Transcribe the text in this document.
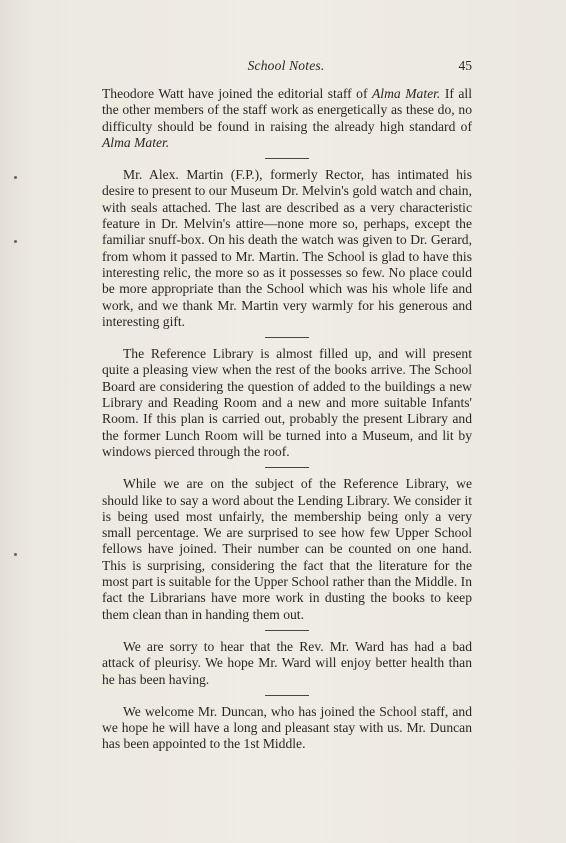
School Notes.	45

Theodore Watt have joined the editorial staff of Alma Mater. If all the other members of the staff work as energetically as these do, no difficulty should be found in raising the already high standard of Alma Mater.

Mr. Alex. Martin (F.P.), formerly Rector, has intimated his desire to present to our Museum Dr. Melvin's gold watch and chain, with seals attached. The last are described as a very characteristic feature in Dr. Melvin's attire—none more so, perhaps, except the familiar snuff-box. On his death the watch was given to Dr. Gerard, from whom it passed to Mr. Martin. The School is glad to have this interesting relic, the more so as it possesses so few. No place could be more appropriate than the School which was his whole life and work, and we thank Mr. Martin very warmly for his generous and interesting gift.

The Reference Library is almost filled up, and will present quite a pleasing view when the rest of the books arrive. The School Board are considering the question of added to the buildings a new Library and Reading Room and a new and more suitable Infants' Room. If this plan is carried out, probably the present Library and the former Lunch Room will be turned into a Museum, and lit by windows pierced through the roof.

While we are on the subject of the Reference Library, we should like to say a word about the Lending Library. We consider it is being used most unfairly, the membership being only a very small percentage. We are surprised to see how few Upper School fellows have joined. Their number can be counted on one hand. This is surprising, considering the fact that the literature for the most part is suitable for the Upper School rather than the Middle. In fact the Librarians have more work in dusting the books to keep them clean than in handing them out.

We are sorry to hear that the Rev. Mr. Ward has had a bad attack of pleurisy. We hope Mr. Ward will enjoy better health than he has been having.

We welcome Mr. Duncan, who has joined the School staff, and we hope he will have a long and pleasant stay with us. Mr. Duncan has been appointed to the 1st Middle.
